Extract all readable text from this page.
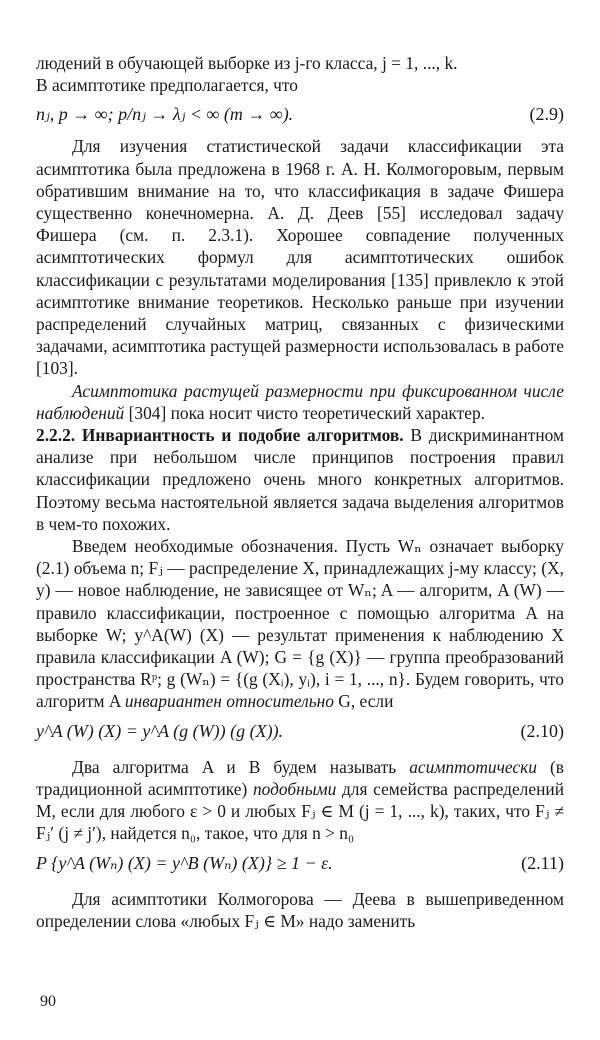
людений в обучающей выборке из j-го класса, j = 1, ..., k.

В асимптотике предполагается, что

nⱼ, p → ∞; p/nⱼ → λⱼ < ∞ (m → ∞).	(2.9)

Для изучения статистической задачи классификации эта асимптотика была предложена в 1968 г. А. Н. Колмогоровым, первым обратившим внимание на то, что классификация в задаче Фишера существенно конечномерна. А. Д. Деев [55] исследовал задачу Фишера (см. п. 2.3.1). Хорошее совпадение полученных асимптотических формул для асимптотических ошибок классификации с результатами моделирования [135] привлекло к этой асимптотике внимание теоретиков. Несколько раньше при изучении распределений случайных матриц, связанных с физическими задачами, асимптотика растущей размерности использовалась в работе [103].

Асимптотика растущей размерности при фиксированном числе наблюдений [304] пока носит чисто теоретический характер.

2.2.2. Инвариантность и подобие алгоритмов. В дискриминантном анализе при небольшом числе принципов построения правил классификации предложено очень много конкретных алгоритмов. Поэтому весьма настоятельной является задача выделения алгоритмов в чем-то похожих.

Введем необходимые обозначения. Пусть Wₙ означает выборку (2.1) объема n; Fⱼ — распределение X, принадлежащих j-му классу; (X, y) — новое наблюдение, не зависящее от Wₙ; A — алгоритм, A (W) — правило классификации, построенное с помощью алгоритма A на выборке W; y^A(W) (X) — результат применения к наблюдению X правила классификации A (W); G = {g (X)} — группа преобразований пространства Rᵖ; g (Wₙ) = {(g (Xᵢ), yᵢ), i = 1, ..., n}. Будем говорить, что алгоритм A инвариантен относительно G, если

y^A (W) (X) = y^A (g (W)) (g (X)).	(2.10)

Два алгоритма A и B будем называть асимптотически (в традиционной асимптотике) подобными для семейства распределений M, если для любого ε > 0 и любых Fⱼ ∈ M (j = 1, ..., k), таких, что Fⱼ ≠ Fⱼ′ (j ≠ j′), найдется n₀, такое, что для n > n₀

P {y^A (Wₙ) (X) = y^B (Wₙ) (X)} ≥ 1 − ε.	(2.11)

Для асимптотики Колмогорова — Деева в вышеприведенном определении слова «любых Fⱼ ∈ M» надо заменить

90
